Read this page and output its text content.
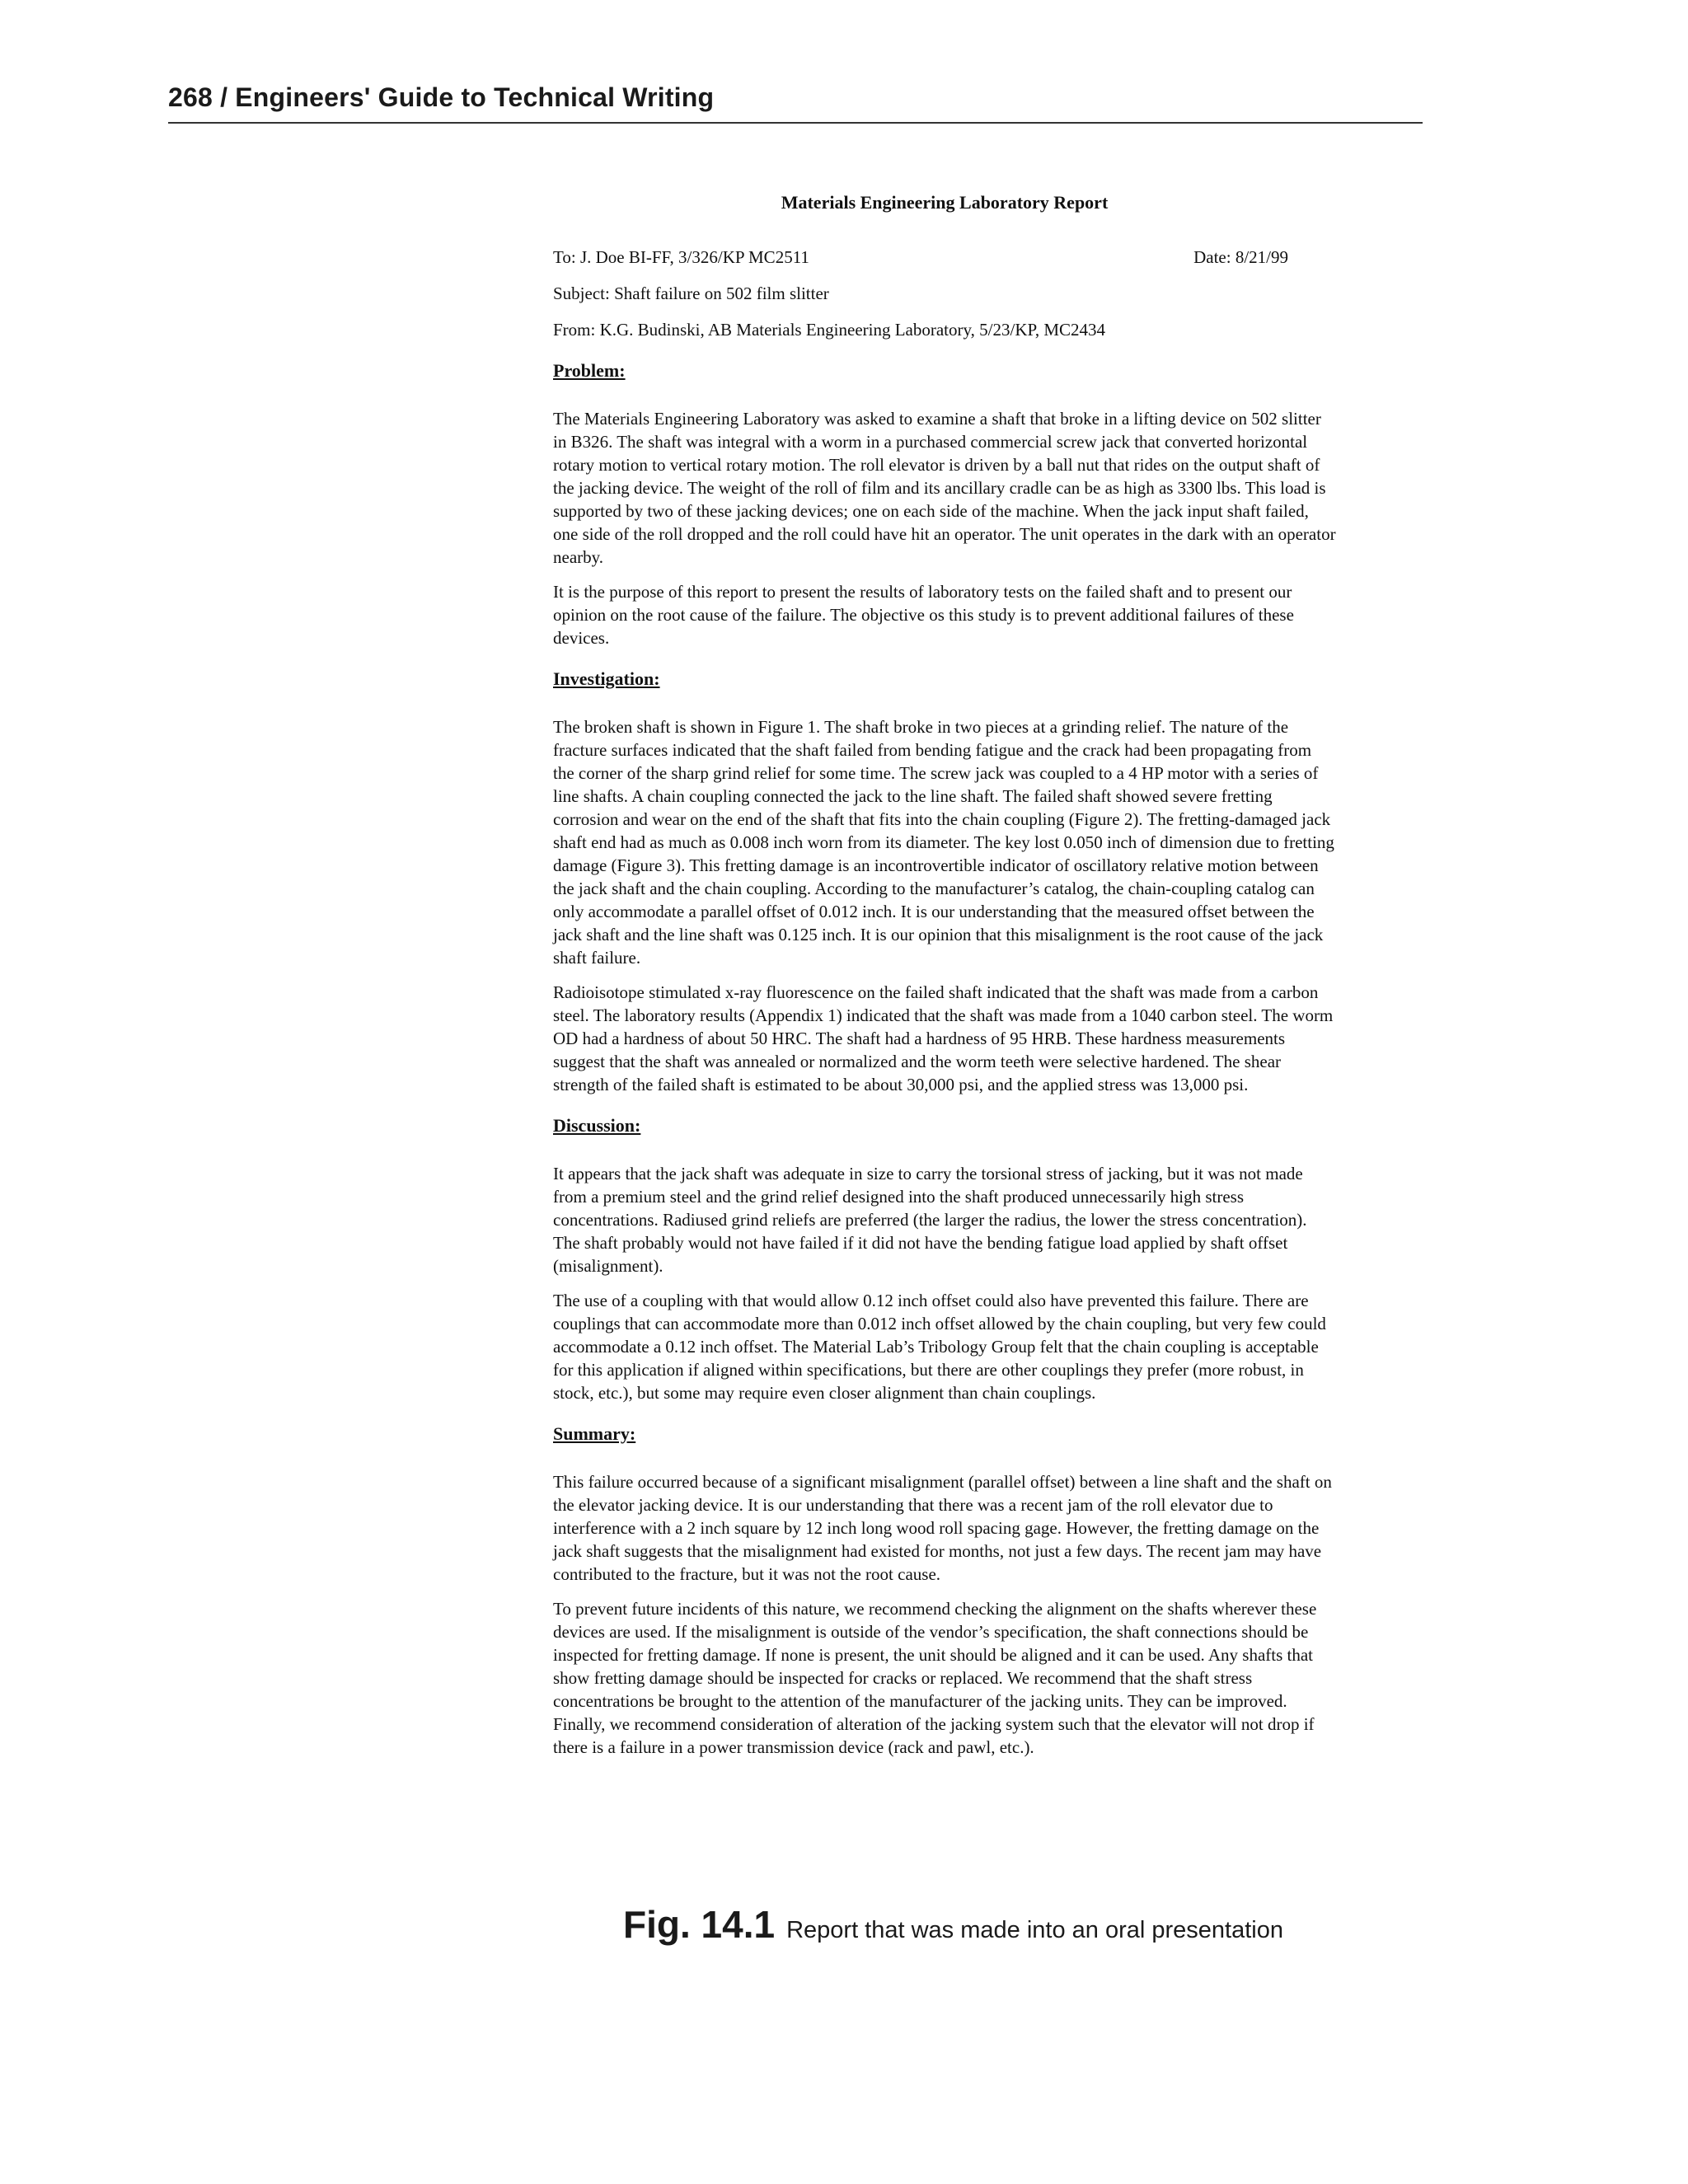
268 / Engineers' Guide to Technical Writing
Materials Engineering Laboratory Report
To: J. Doe BI-FF, 3/326/KP MC2511	Date: 8/21/99
Subject: Shaft failure on 502 film slitter
From: K.G. Budinski, AB Materials Engineering Laboratory, 5/23/KP, MC2434
Problem:

The Materials Engineering Laboratory was asked to examine a shaft that broke in a lifting device on 502 slitter in B326. The shaft was integral with a worm in a purchased commercial screw jack that converted horizontal rotary motion to vertical rotary motion. The roll elevator is driven by a ball nut that rides on the output shaft of the jacking device. The weight of the roll of film and its ancillary cradle can be as high as 3300 lbs. This load is supported by two of these jacking devices; one on each side of the machine. When the jack input shaft failed, one side of the roll dropped and the roll could have hit an operator. The unit operates in the dark with an operator nearby.

It is the purpose of this report to present the results of laboratory tests on the failed shaft and to present our opinion on the root cause of the failure. The objective os this study is to prevent additional failures of these devices.

Investigation:

The broken shaft is shown in Figure 1. The shaft broke in two pieces at a grinding relief. The nature of the fracture surfaces indicated that the shaft failed from bending fatigue and the crack had been propagating from the corner of the sharp grind relief for some time. The screw jack was coupled to a 4 HP motor with a series of line shafts. A chain coupling connected the jack to the line shaft. The failed shaft showed severe fretting corrosion and wear on the end of the shaft that fits into the chain coupling (Figure 2). The fretting-damaged jack shaft end had as much as 0.008 inch worn from its diameter. The key lost 0.050 inch of dimension due to fretting damage (Figure 3). This fretting damage is an incontrovertible indicator of oscillatory relative motion between the jack shaft and the chain coupling. According to the manufacturer’s catalog, the chain-coupling catalog can only accommodate a parallel offset of 0.012 inch. It is our understanding that the measured offset between the jack shaft and the line shaft was 0.125 inch. It is our opinion that this misalignment is the root cause of the jack shaft failure.

Radioisotope stimulated x-ray fluorescence on the failed shaft indicated that the shaft was made from a carbon steel. The laboratory results (Appendix 1) indicated that the shaft was made from a 1040 carbon steel. The worm OD had a hardness of about 50 HRC. The shaft had a hardness of 95 HRB. These hardness measurements suggest that the shaft was annealed or normalized and the worm teeth were selective hardened. The shear strength of the failed shaft is estimated to be about 30,000 psi, and the applied stress was 13,000 psi.

Discussion:

It appears that the jack shaft was adequate in size to carry the torsional stress of jacking, but it was not made from a premium steel and the grind relief designed into the shaft produced unnecessarily high stress concentrations. Radiused grind reliefs are preferred (the larger the radius, the lower the stress concentration). The shaft probably would not have failed if it did not have the bending fatigue load applied by shaft offset (misalignment).

The use of a coupling with that would allow 0.12 inch offset could also have prevented this failure. There are couplings that can accommodate more than 0.012 inch offset allowed by the chain coupling, but very few could accommodate a 0.12 inch offset. The Material Lab’s Tribology Group felt that the chain coupling is acceptable for this application if aligned within specifications, but there are other couplings they prefer (more robust, in stock, etc.), but some may require even closer alignment than chain couplings.

Summary:

This failure occurred because of a significant misalignment (parallel offset) between a line shaft and the shaft on the elevator jacking device. It is our understanding that there was a recent jam of the roll elevator due to interference with a 2 inch square by 12 inch long wood roll spacing gage. However, the fretting damage on the jack shaft suggests that the misalignment had existed for months, not just a few days. The recent jam may have contributed to the fracture, but it was not the root cause.

To prevent future incidents of this nature, we recommend checking the alignment on the shafts wherever these devices are used. If the misalignment is outside of the vendor’s specification, the shaft connections should be inspected for fretting damage. If none is present, the unit should be aligned and it can be used. Any shafts that show fretting damage should be inspected for cracks or replaced. We recommend that the shaft stress concentrations be brought to the attention of the manufacturer of the jacking units. They can be improved. Finally, we recommend consideration of alteration of the jacking system such that the elevator will not drop if there is a failure in a power transmission device (rack and pawl, etc.).

Fig. 14.1 Report that was made into an oral presentation
